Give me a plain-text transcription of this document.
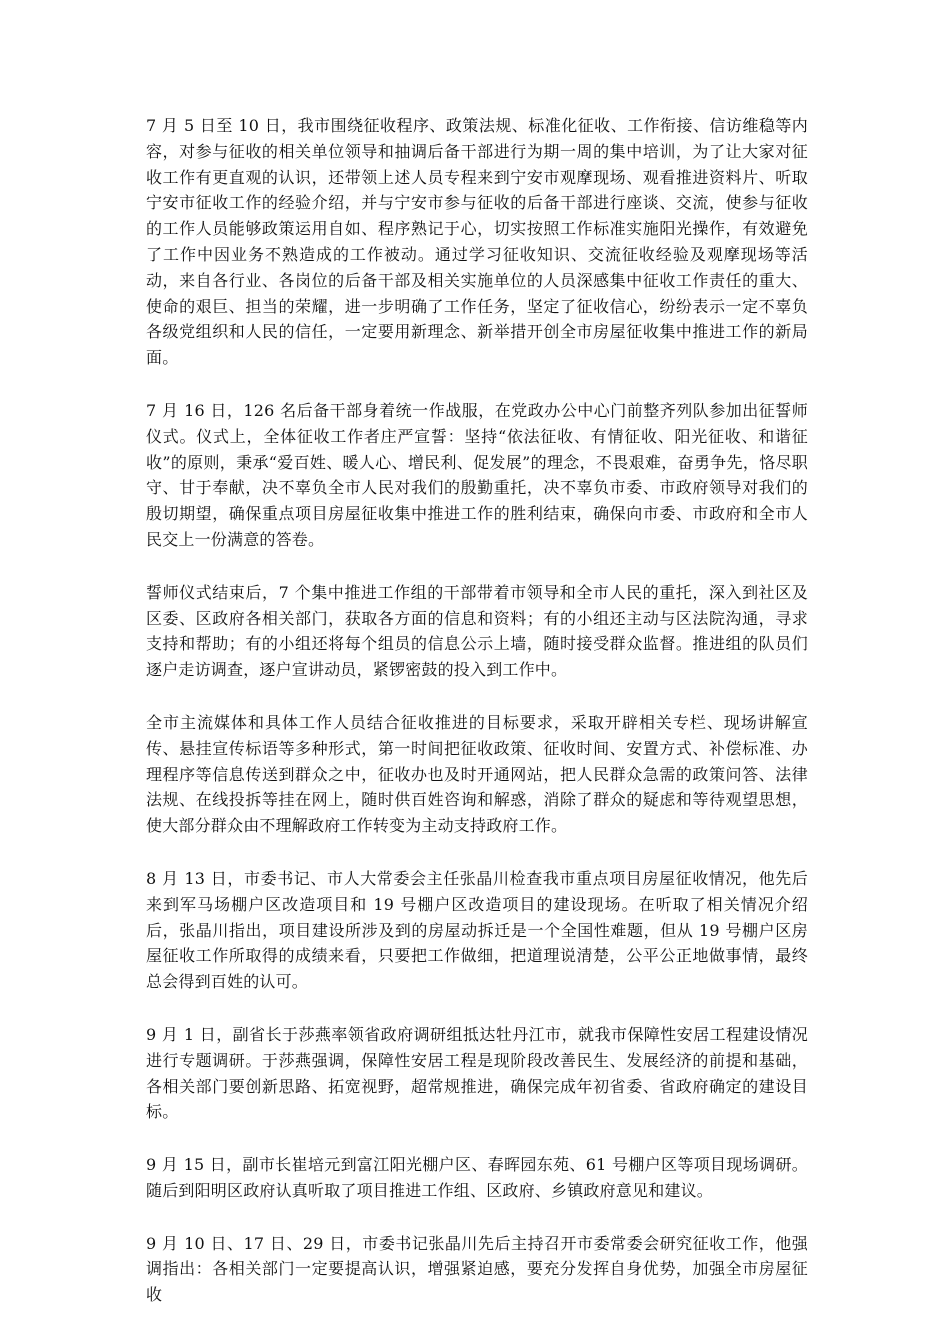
7 月 5 日至 10 日，我市围绕征收程序、政策法规、标准化征收、工作衔接、信访维稳等内容，对参与征收的相关单位领导和抽调后备干部进行为期一周的集中培训，为了让大家对征收工作有更直观的认识，还带领上述人员专程来到宁安市观摩现场、观看推进资料片、听取宁安市征收工作的经验介绍，并与宁安市参与征收的后备干部进行座谈、交流，使参与征收的工作人员能够政策运用自如、程序熟记于心，切实按照工作标准实施阳光操作，有效避免了工作中因业务不熟造成的工作被动。通过学习征收知识、交流征收经验及观摩现场等活动，来自各行业、各岗位的后备干部及相关实施单位的人员深感集中征收工作责任的重大、使命的艰巨、担当的荣耀，进一步明确了工作任务，坚定了征收信心，纷纷表示一定不辜负各级党组织和人民的信任，一定要用新理念、新举措开创全市房屋征收集中推进工作的新局面。

7 月 16 日，126 名后备干部身着统一作战服，在党政办公中心门前整齐列队参加出征誓师仪式。仪式上，全体征收工作者庄严宣誓：坚持“依法征收、有情征收、阳光征收、和谐征收”的原则，秉承“爱百姓、暖人心、增民利、促发展”的理念，不畏艰难，奋勇争先，恪尽职守、甘于奉献，决不辜负全市人民对我们的殷勤重托，决不辜负市委、市政府领导对我们的殷切期望，确保重点项目房屋征收集中推进工作的胜利结束，确保向市委、市政府和全市人民交上一份满意的答卷。

誓师仪式结束后，7 个集中推进工作组的干部带着市领导和全市人民的重托，深入到社区及区委、区政府各相关部门，获取各方面的信息和资料；有的小组还主动与区法院沟通，寻求支持和帮助；有的小组还将每个组员的信息公示上墙，随时接受群众监督。推进组的队员们逐户走访调查，逐户宣讲动员，紧锣密鼓的投入到工作中。

全市主流媒体和具体工作人员结合征收推进的目标要求，采取开辟相关专栏、现场讲解宣传、悬挂宣传标语等多种形式，第一时间把征收政策、征收时间、安置方式、补偿标准、办理程序等信息传送到群众之中，征收办也及时开通网站，把人民群众急需的政策问答、法律法规、在线投拆等挂在网上，随时供百姓咨询和解惑，消除了群众的疑虑和等待观望思想，使大部分群众由不理解政府工作转变为主动支持政府工作。

8 月 13 日，市委书记、市人大常委会主任张晶川检查我市重点项目房屋征收情况，他先后来到军马场棚户区改造项目和 19 号棚户区改造项目的建设现场。在听取了相关情况介绍后，张晶川指出，项目建设所涉及到的房屋动拆迁是一个全国性难题，但从 19 号棚户区房屋征收工作所取得的成绩来看，只要把工作做细，把道理说清楚，公平公正地做事情，最终总会得到百姓的认可。

9 月 1 日，副省长于莎燕率领省政府调研组抵达牡丹江市，就我市保障性安居工程建设情况进行专题调研。于莎燕强调，保障性安居工程是现阶段改善民生、发展经济的前提和基础，各相关部门要创新思路、拓宽视野，超常规推进，确保完成年初省委、省政府确定的建设目标。

9 月 15 日，副市长崔培元到富江阳光棚户区、春晖园东苑、61 号棚户区等项目现场调研。随后到阳明区政府认真听取了项目推进工作组、区政府、乡镇政府意见和建议。

9 月 10 日、17 日、29 日，市委书记张晶川先后主持召开市委常委会研究征收工作，他强调指出：各相关部门一定要提高认识，增强紧迫感，要充分发挥自身优势，加强全市房屋征收
